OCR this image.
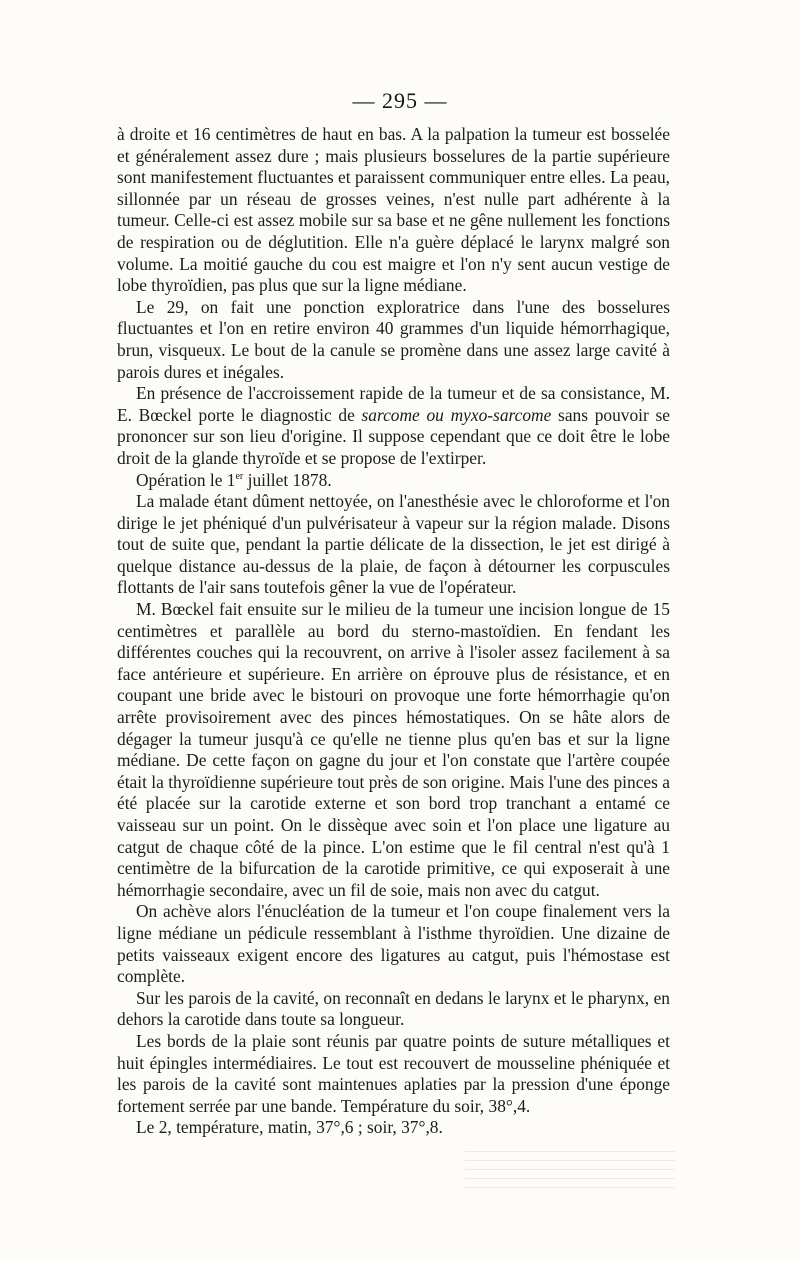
— 295 —

à droite et 16 centimètres de haut en bas. A la palpation la tumeur est bosselée et généralement assez dure ; mais plusieurs bosselures de la partie supérieure sont manifestement fluctuantes et paraissent communiquer entre elles. La peau, sillonnée par un réseau de grosses veines, n'est nulle part adhérente à la tumeur. Celle-ci est assez mobile sur sa base et ne gêne nullement les fonctions de respiration ou de déglutition. Elle n'a guère déplacé le larynx malgré son volume. La moitié gauche du cou est maigre et l'on n'y sent aucun vestige de lobe thyroïdien, pas plus que sur la ligne médiane.

Le 29, on fait une ponction exploratrice dans l'une des bosselures fluctuantes et l'on en retire environ 40 grammes d'un liquide hémorrhagique, brun, visqueux. Le bout de la canule se promène dans une assez large cavité à parois dures et inégales.

En présence de l'accroissement rapide de la tumeur et de sa consistance, M. E. Bœckel porte le diagnostic de sarcome ou myxo-sarcome sans pouvoir se prononcer sur son lieu d'origine. Il suppose cependant que ce doit être le lobe droit de la glande thyroïde et se propose de l'extirper.

Opération le 1er juillet 1878.

La malade étant dûment nettoyée, on l'anesthésie avec le chloroforme et l'on dirige le jet phéniqué d'un pulvérisateur à vapeur sur la région malade. Disons tout de suite que, pendant la partie délicate de la dissection, le jet est dirigé à quelque distance au-dessus de la plaie, de façon à détourner les corpuscules flottants de l'air sans toutefois gêner la vue de l'opérateur.

M. Bœckel fait ensuite sur le milieu de la tumeur une incision longue de 15 centimètres et parallèle au bord du sterno-mastoïdien. En fendant les différentes couches qui la recouvrent, on arrive à l'isoler assez facilement à sa face antérieure et supérieure. En arrière on éprouve plus de résistance, et en coupant une bride avec le bistouri on provoque une forte hémorrhagie qu'on arrête provisoirement avec des pinces hémostatiques. On se hâte alors de dégager la tumeur jusqu'à ce qu'elle ne tienne plus qu'en bas et sur la ligne médiane. De cette façon on gagne du jour et l'on constate que l'artère coupée était la thyroïdienne supérieure tout près de son origine. Mais l'une des pinces a été placée sur la carotide externe et son bord trop tranchant a entamé ce vaisseau sur un point. On le dissèque avec soin et l'on place une ligature au catgut de chaque côté de la pince. L'on estime que le fil central n'est qu'à 1 centimètre de la bifurcation de la carotide primitive, ce qui exposerait à une hémorrhagie secondaire, avec un fil de soie, mais non avec du catgut.

On achève alors l'énucléation de la tumeur et l'on coupe finalement vers la ligne médiane un pédicule ressemblant à l'isthme thyroïdien. Une dizaine de petits vaisseaux exigent encore des ligatures au catgut, puis l'hémostase est complète.

Sur les parois de la cavité, on reconnaît en dedans le larynx et le pharynx, en dehors la carotide dans toute sa longueur.

Les bords de la plaie sont réunis par quatre points de suture métalliques et huit épingles intermédiaires. Le tout est recouvert de mousseline phéniquée et les parois de la cavité sont maintenues aplaties par la pression d'une éponge fortement serrée par une bande. Température du soir, 38°,4.

Le 2, température, matin, 37°,6 ; soir, 37°,8.
